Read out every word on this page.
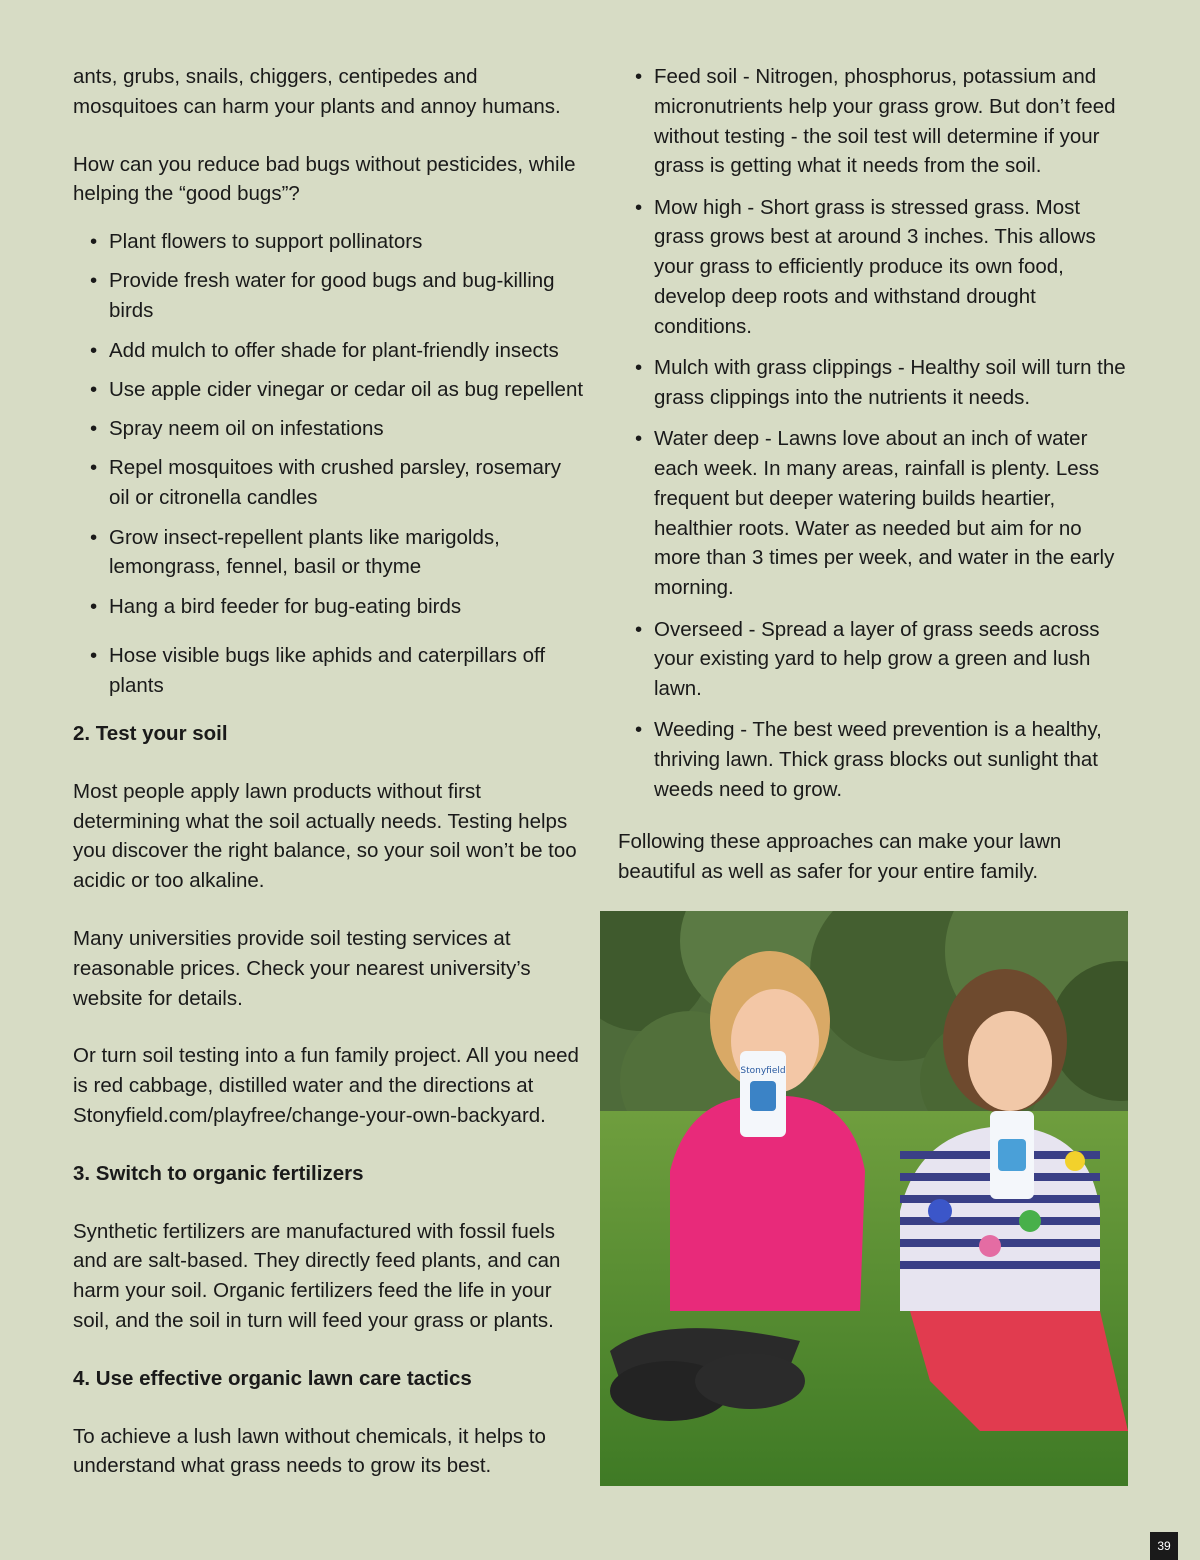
ants, grubs, snails, chiggers, centipedes and mosquitoes can harm your plants and annoy humans.

How can you reduce bad bugs without pesticides, while helping the “good bugs”?

• Plant flowers to support pollinators
• Provide fresh water for good bugs and bug-killing birds
• Add mulch to offer shade for plant-friendly insects
• Use apple cider vinegar or cedar oil as bug repellent
• Spray neem oil on infestations
• Repel mosquitoes with crushed parsley, rosemary oil or citronella candles
• Grow insect-repellent plants like marigolds, lemongrass, fennel, basil or thyme
• Hang a bird feeder for bug-eating birds
• Hose visible bugs like aphids and caterpillars off plants
2. Test your soil

Most people apply lawn products without first determining what the soil actually needs. Testing helps you discover the right balance, so your soil won’t be too acidic or too alkaline.

Many universities provide soil testing services at reasonable prices. Check your nearest university’s website for details.

Or turn soil testing into a fun family project. All you need is red cabbage, distilled water and the directions at Stonyfield.com/playfree/change-your-own-backyard.

3. Switch to organic fertilizers

Synthetic fertilizers are manufactured with fossil fuels and are salt-based. They directly feed plants, and can harm your soil. Organic fertilizers feed the life in your soil, and the soil in turn will feed your grass or plants.

4. Use effective organic lawn care tactics

To achieve a lush lawn without chemicals, it helps to understand what grass needs to grow its best.

• Feed soil - Nitrogen, phosphorus, potassium and micronutrients help your grass grow. But don’t feed without testing - the soil test will determine if your grass is getting what it needs from the soil.
• Mow high - Short grass is stressed grass. Most grass grows best at around 3 inches. This allows your grass to efficiently produce its own food, develop deep roots and withstand drought conditions.
• Mulch with grass clippings - Healthy soil will turn the grass clippings into the nutrients it needs.
• Water deep - Lawns love about an inch of water each week. In many areas, rainfall is plenty. Less frequent but deeper watering builds heartier, healthier roots. Water as needed but aim for no more than 3 times per week, and water in the early morning.
• Overseed - Spread a layer of grass seeds across your existing yard to help grow a green and lush lawn.
• Weeding - The best weed prevention is a healthy, thriving lawn. Thick grass blocks out sunlight that weeds need to grow.

Following these approaches can make your lawn beautiful as well as safer for your entire family.

Stonyfield
39
